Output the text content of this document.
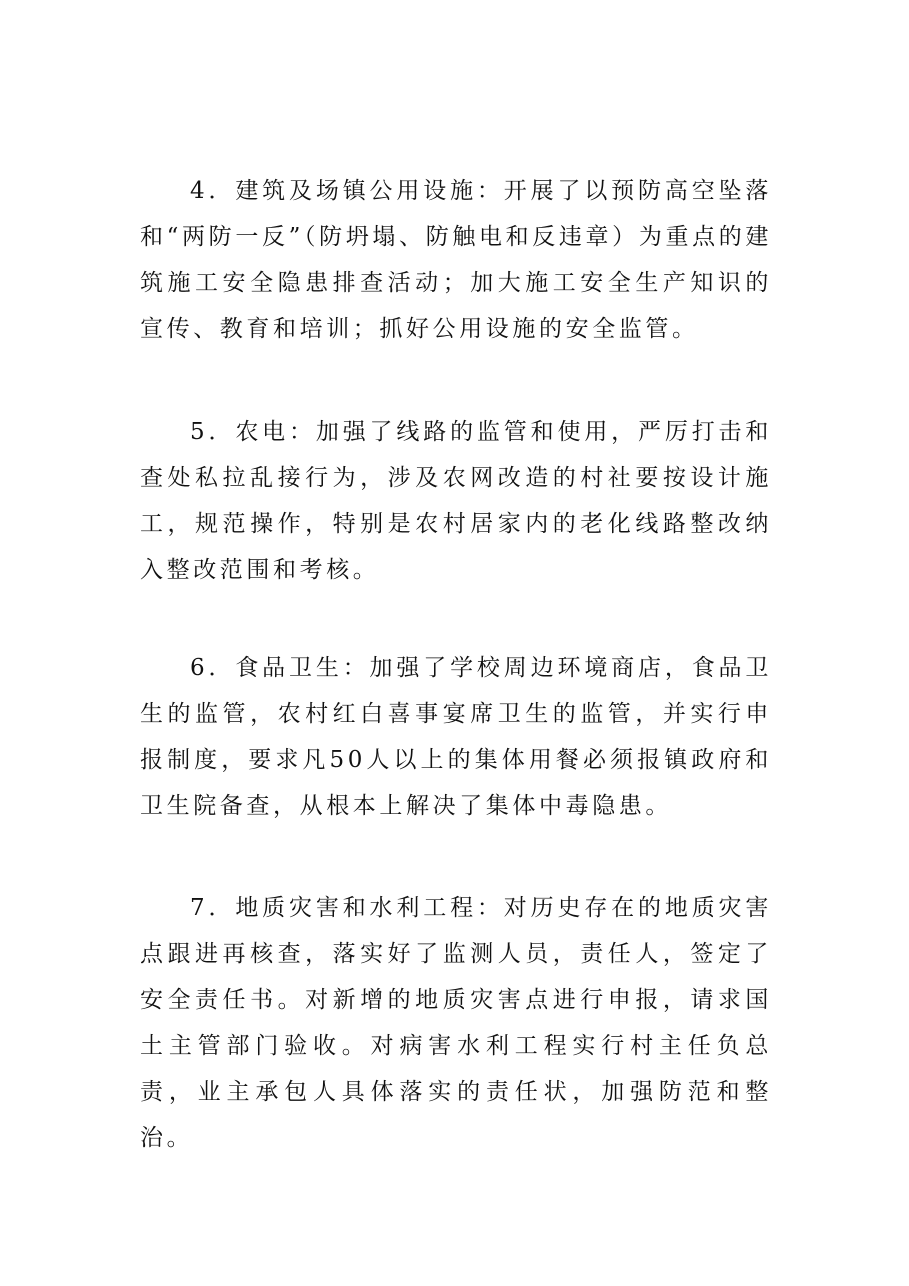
4．建筑及场镇公用设施：开展了以预防高空坠落和“两防一反”（防坍塌、防触电和反违章）为重点的建筑施工安全隐患排查活动；加大施工安全生产知识的宣传、教育和培训；抓好公用设施的安全监管。

5．农电：加强了线路的监管和使用，严厉打击和查处私拉乱接行为，涉及农网改造的村社要按设计施工，规范操作，特别是农村居家内的老化线路整改纳入整改范围和考核。

6．食品卫生：加强了学校周边环境商店，食品卫生的监管，农村红白喜事宴席卫生的监管，并实行申报制度，要求凡50人以上的集体用餐必须报镇政府和卫生院备查，从根本上解决了集体中毒隐患。

7．地质灾害和水利工程：对历史存在的地质灾害点跟进再核查，落实好了监测人员，责任人，签定了安全责任书。对新增的地质灾害点进行申报，请求国土主管部门验收。对病害水利工程实行村主任负总责，业主承包人具体落实的责任状，加强防范和整治。
